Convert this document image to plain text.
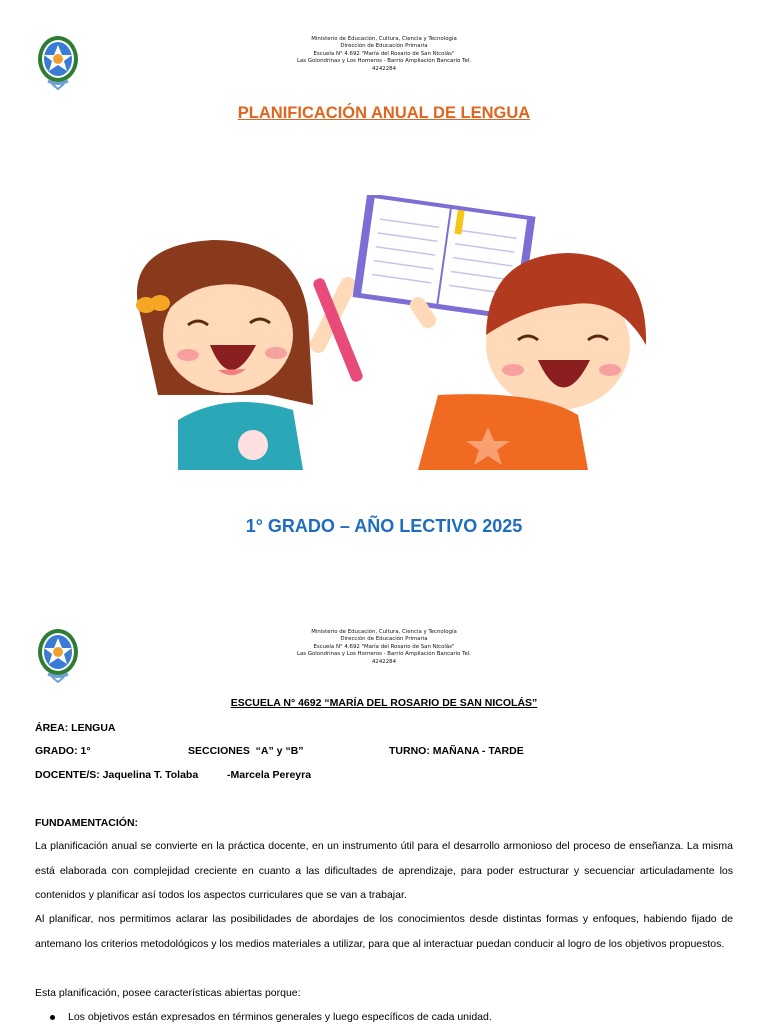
Ministerio de Educación, Cultura, Ciencia y Tecnología
Dirección de Educación Primaria
Escuela N° 4.692 "María del Rosario de San Nicolás"
Las Golondrinas y Los Horneros - Barrio Ampliación Bancario Tel.
4242284
PLANIFICACIÓN ANUAL DE LENGUA
1° GRADO – AÑO LECTIVO 2025
Ministerio de Educación, Cultura, Ciencia y Tecnología
Dirección de Educación Primaria
Escuela N° 4.692 "María del Rosario de San Nicolás"
Las Golondrinas y Los Horneros - Barrio Ampliación Bancario Tel.
4242284
ESCUELA N° 4692 “MARÍA DEL ROSARIO DE SAN NICOLÁS”
ÁREA: LENGUA
GRADO: 1°	SECCIONES  “A” y “B”	TURNO: MAÑANA - TARDE
DOCENTE/S: Jaquelina T. Tolaba	-Marcela Pereyra
FUNDAMENTACIÓN:
La planificación anual se convierte en la práctica docente, en un instrumento útil para el desarrollo armonioso del proceso de enseñanza. La misma está elaborada con complejidad creciente en cuanto a las dificultades de aprendizaje, para poder estructurar y secuenciar articuladamente los contenidos y planificar así todos los aspectos curriculares que se van a trabajar.
Al planificar, nos permitimos aclarar las posibilidades de abordajes de los conocimientos desde distintas formas y enfoques, habiendo fijado de antemano los criterios metodológicos y los medios materiales a utilizar, para que al interactuar puedan conducir al logro de los objetivos propuestos.
Esta planificación, posee características abiertas porque:
Los objetivos están expresados en términos generales y luego específicos de cada unidad.
